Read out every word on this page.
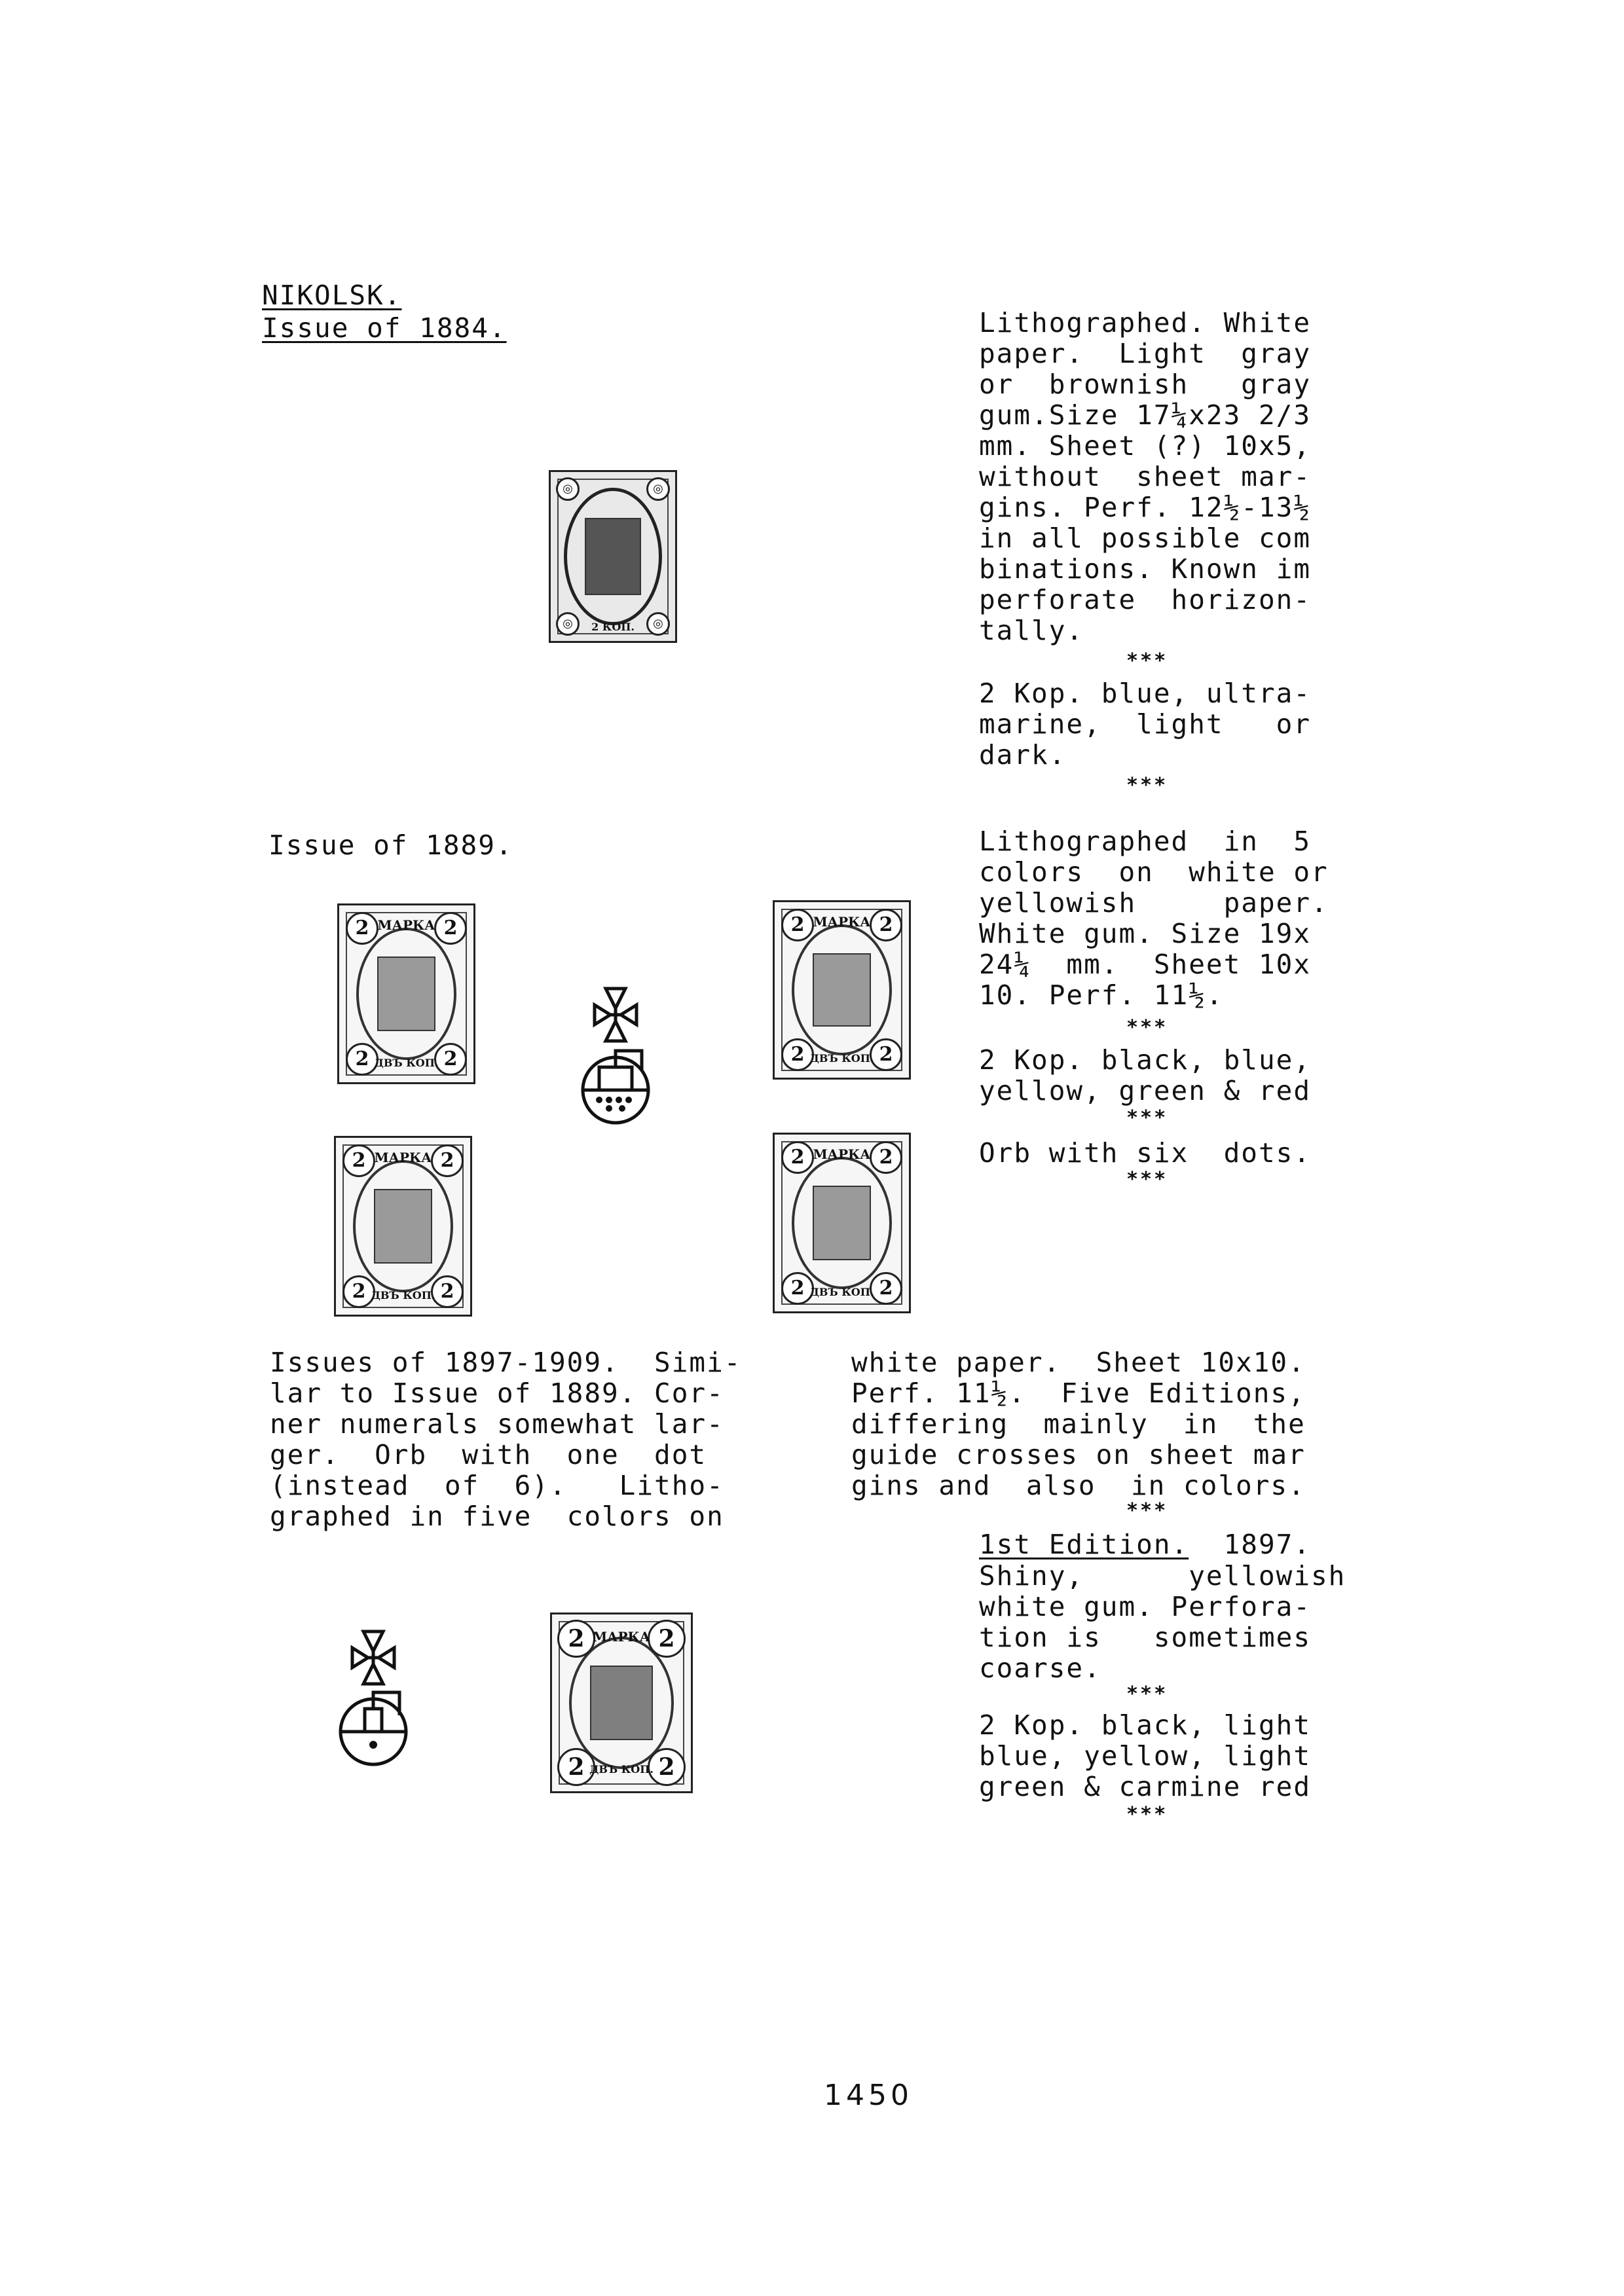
NIKOLSK.
Issue of 1884.	Lithographed. White
paper.  Light  gray
or  brownish   gray
gum.Size 17¼x23 2/3
mm. Sheet (?) 10x5,
without  sheet mar-
gins. Perf. 12½-13½
in all possible com
binations. Known im
perforate  horizon-
tally.
***
2 Kop. blue, ultra-
marine,  light   or
dark.
***
◎	◎
◎	◎
2 КОП.
Issue of 1889.	Lithographed  in  5
colors  on  white or
yellowish     paper.
White gum. Size 19x
24¼  mm.  Sheet 10x
10. Perf. 11½.
***
2 Kop. black, blue,
yellow, green & red
***
Orb with six  dots.
***
2	2
2	2
МАРКА
ДВЪ КОП.
2	2
2	2
МАРКА
ДВЪ КОП.
2	2
2	2
МАРКА
ДВЪ КОП.
2	2
2	2
МАРКА
ДВЪ КОП.
Issues of 1897-1909.  Simi-
lar to Issue of 1889. Cor-
ner numerals somewhat lar-
ger.  Orb  with  one  dot
(instead  of  6).   Litho-
graphed in five  colors on
white paper.  Sheet 10x10.
Perf. 11½.  Five Editions,
differing  mainly  in  the
guide crosses on sheet mar
gins and  also  in colors.
***
1st Edition. 1897.
Shiny,      yellowish
white gum. Perfora-
tion is   sometimes
coarse.
***
2 Kop. black, light
blue, yellow, light
green & carmine red
***
2	2
2	2
МАРКА
ДВЪ КОП.
1450
